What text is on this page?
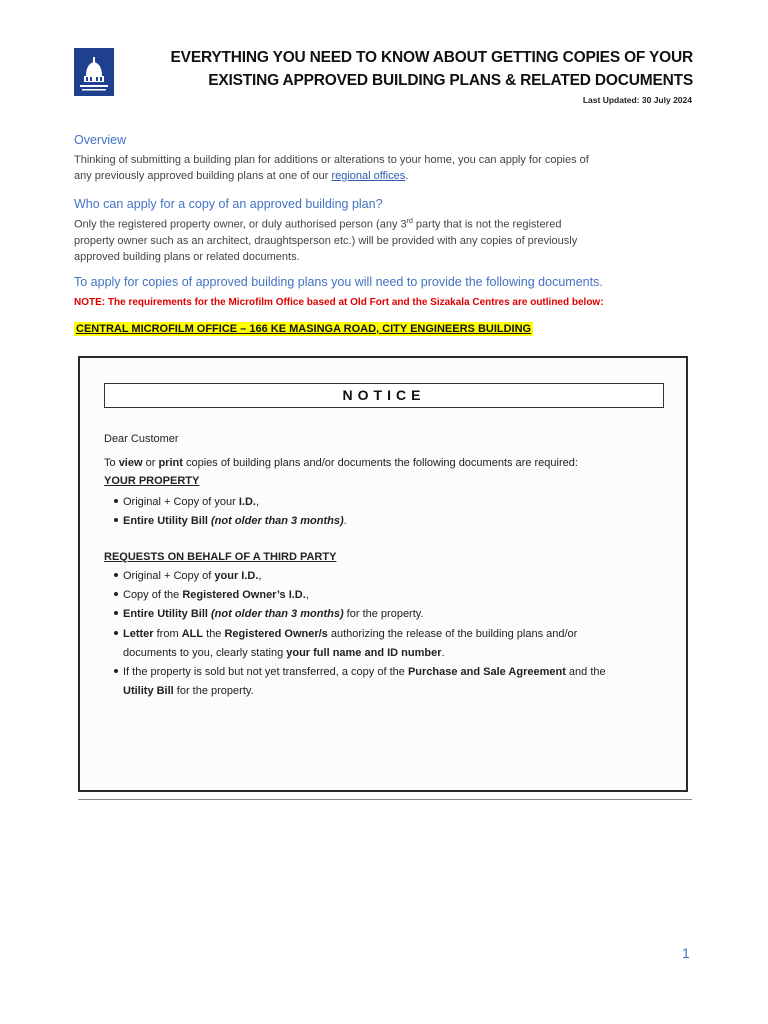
EVERYTHING YOU NEED TO KNOW ABOUT GETTING COPIES OF YOUR
EXISTING APPROVED BUILDING PLANS & RELATED DOCUMENTS
Last Updated: 30 July 2024
Overview
Thinking of submitting a building plan for additions or alterations to your home, you can apply for copies of
any previously approved building plans at one of our regional offices.
Who can apply for a copy of an approved building plan?
Only the registered property owner, or duly authorised person (any 3rd party that is not the registered
property owner such as an architect, draughtsperson etc.) will be provided with any copies of previously
approved building plans or related documents.
To apply for copies of approved building plans you will need to provide the following documents.
NOTE: The requirements for the Microfilm Office based at Old Fort and the Sizakala Centres are outlined below:
CENTRAL MICROFILM OFFICE – 166 KE MASINGA ROAD, CITY ENGINEERS BUILDING
NOTICE
Dear Customer
To view or print copies of building plans and/or documents the following documents are required:
YOUR PROPERTY
Original + Copy of your I.D.,
Entire Utility Bill (not older than 3 months).
REQUESTS ON BEHALF OF A THIRD PARTY
Original + Copy of your I.D.,
Copy of the Registered Owner’s I.D.,
Entire Utility Bill (not older than 3 months) for the property.
Letter from ALL the Registered Owner/s authorizing the release of the building plans and/or
documents to you, clearly stating your full name and ID number.
If the property is sold but not yet transferred, a copy of the Purchase and Sale Agreement and the
Utility Bill for the property.
1
